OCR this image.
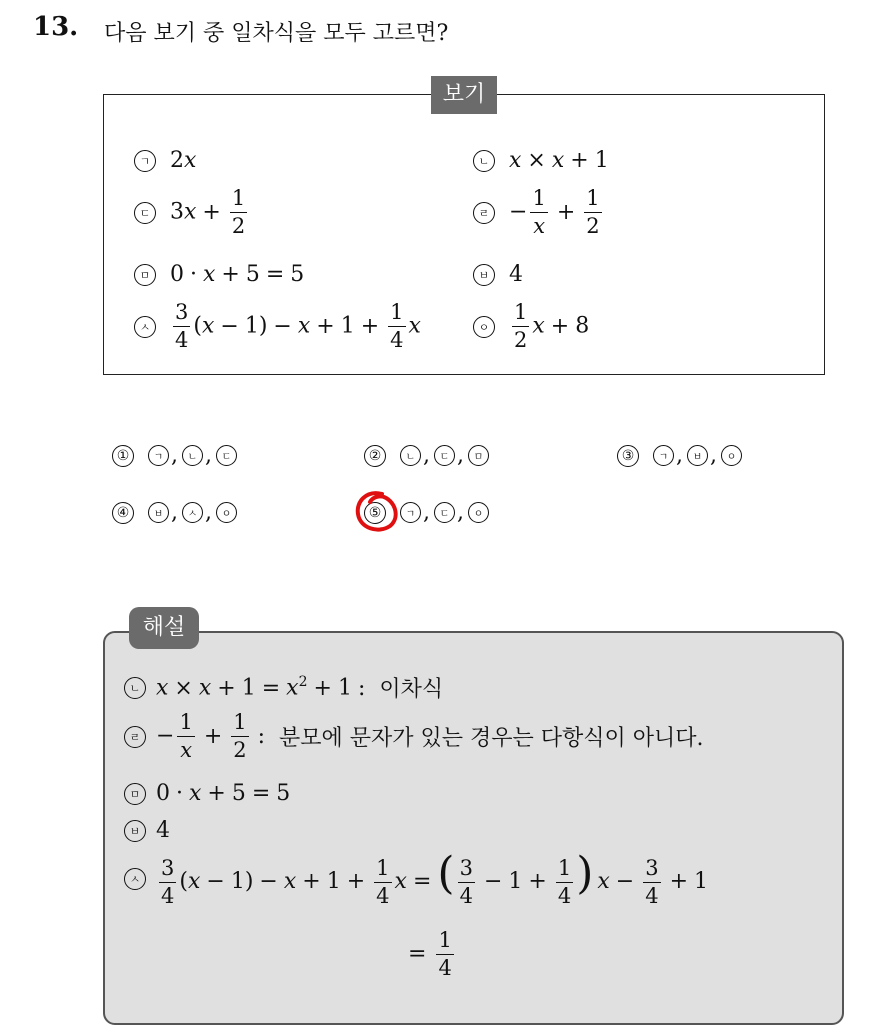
13. 다음 보기 중 일차식을 모두 고르면?
보기
ㄱ 2x	ㄴ x × x + 1
ㄷ $3x + \frac{1}{2}$	ㄹ − $\frac{1}{x} + \frac{1}{2}$
ㅁ 0 · x + 5 = 5	ㅂ 4
ㅅ $\frac{3}{4} (x - 1) - x + 1 + \frac{1}{4}$ x	ㅇ $\frac{1}{2}$ x + 8
①	ㄱ , ㄴ , ㄷ	②	ㄴ , ㄷ , ㅁ	③	ㄱ , ㅂ , ㅇ
④	ㅂ , ㅅ , ㅇ	⑤	ㄱ , ㄷ , ㅇ
해설
ㄴ $x \times x + 1 = x^2 + 1$ : 이차식
ㄹ − $\frac{1}{x} + \frac{1}{2}$ : 분모에 문자가 있는 경우는 다항식이 아니다.
ㅁ 0 · x + 5 = 5
ㅂ 4
ㅅ $\frac{3}{4} (x - 1) - x + 1 + \frac{1}{4}$ x = ( $\frac{3}{4} - 1 + \frac{1}{4}$ ) $x - \frac{3}{4} + 1$
= $\frac{1}{4}$
